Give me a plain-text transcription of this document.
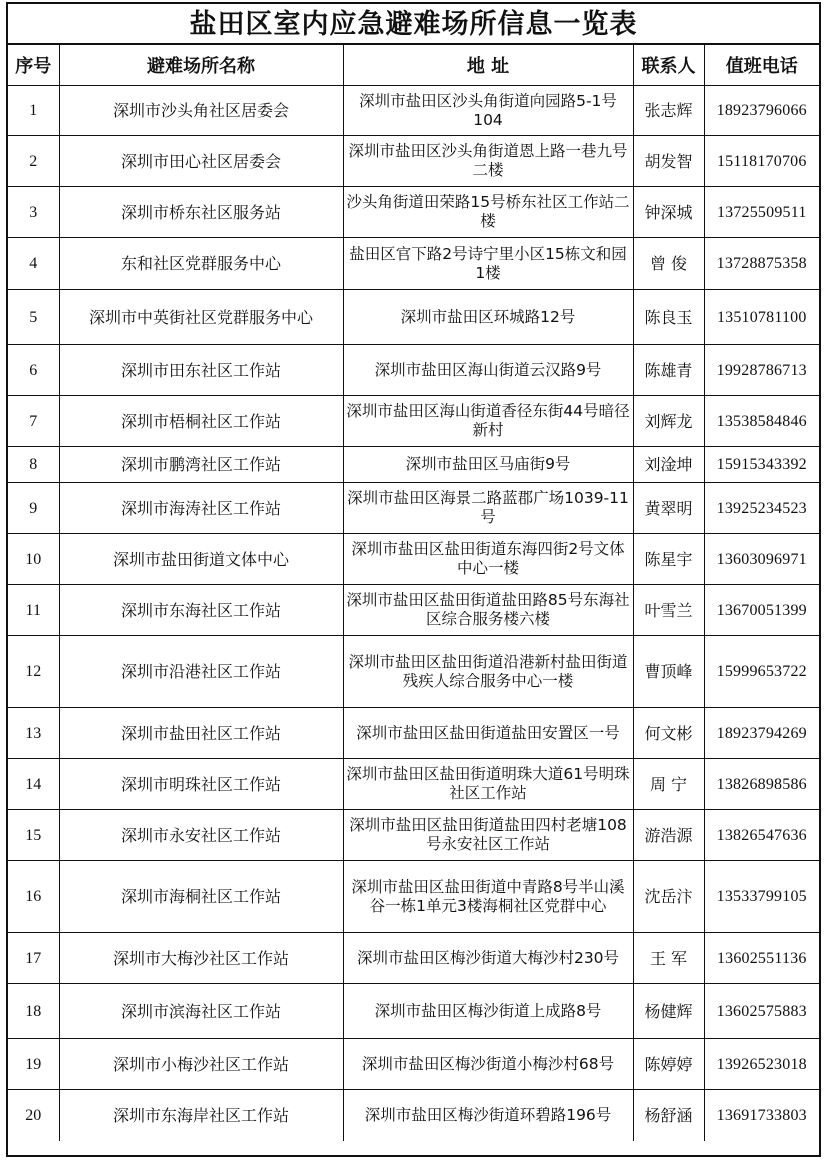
盐田区室内应急避难场所信息一览表
序号	避难场所名称	地 址	联系人	值班电话
1	深圳市沙头角社区居委会	深圳市盐田区沙头角街道向园路5-1号104	张志辉	18923796066
2	深圳市田心社区居委会	深圳市盐田区沙头角街道恩上路一巷九号二楼	胡发智	15118170706
3	深圳市桥东社区服务站	沙头角街道田荣路15号桥东社区工作站二楼	钟深城	13725509511
4	东和社区党群服务中心	盐田区官下路2号诗宁里小区15栋文和园1楼	曾 俊	13728875358
5	深圳市中英街社区党群服务中心	深圳市盐田区环城路12号	陈良玉	13510781100
6	深圳市田东社区工作站	深圳市盐田区海山街道云汉路9号	陈雄青	19928786713
7	深圳市梧桐社区工作站	深圳市盐田区海山街道香径东街44号暗径新村	刘辉龙	13538584846
8	深圳市鹏湾社区工作站	深圳市盐田区马庙街9号	刘淦坤	15915343392
9	深圳市海涛社区工作站	深圳市盐田区海景二路蓝郡广场1039-11号	黄翠明	13925234523
10	深圳市盐田街道文体中心	深圳市盐田区盐田街道东海四街2号文体中心一楼	陈星宇	13603096971
11	深圳市东海社区工作站	深圳市盐田区盐田街道盐田路85号东海社区综合服务楼六楼	叶雪兰	13670051399
12	深圳市沿港社区工作站	深圳市盐田区盐田街道沿港新村盐田街道残疾人综合服务中心一楼	曹顶峰	15999653722
13	深圳市盐田社区工作站	深圳市盐田区盐田街道盐田安置区一号	何文彬	18923794269
14	深圳市明珠社区工作站	深圳市盐田区盐田街道明珠大道61号明珠社区工作站	周 宁	13826898586
15	深圳市永安社区工作站	深圳市盐田区盐田街道盐田四村老塘108号永安社区工作站	游浩源	13826547636
16	深圳市海桐社区工作站	深圳市盐田区盐田街道中青路8号半山溪谷一栋1单元3楼海桐社区党群中心	沈岳汴	13533799105
17	深圳市大梅沙社区工作站	深圳市盐田区梅沙街道大梅沙村230号	王 军	13602551136
18	深圳市滨海社区工作站	深圳市盐田区梅沙街道上成路8号	杨健辉	13602575883
19	深圳市小梅沙社区工作站	深圳市盐田区梅沙街道小梅沙村68号	陈婷婷	13926523018
20	深圳市东海岸社区工作站	深圳市盐田区梅沙街道环碧路196号	杨舒涵	13691733803
